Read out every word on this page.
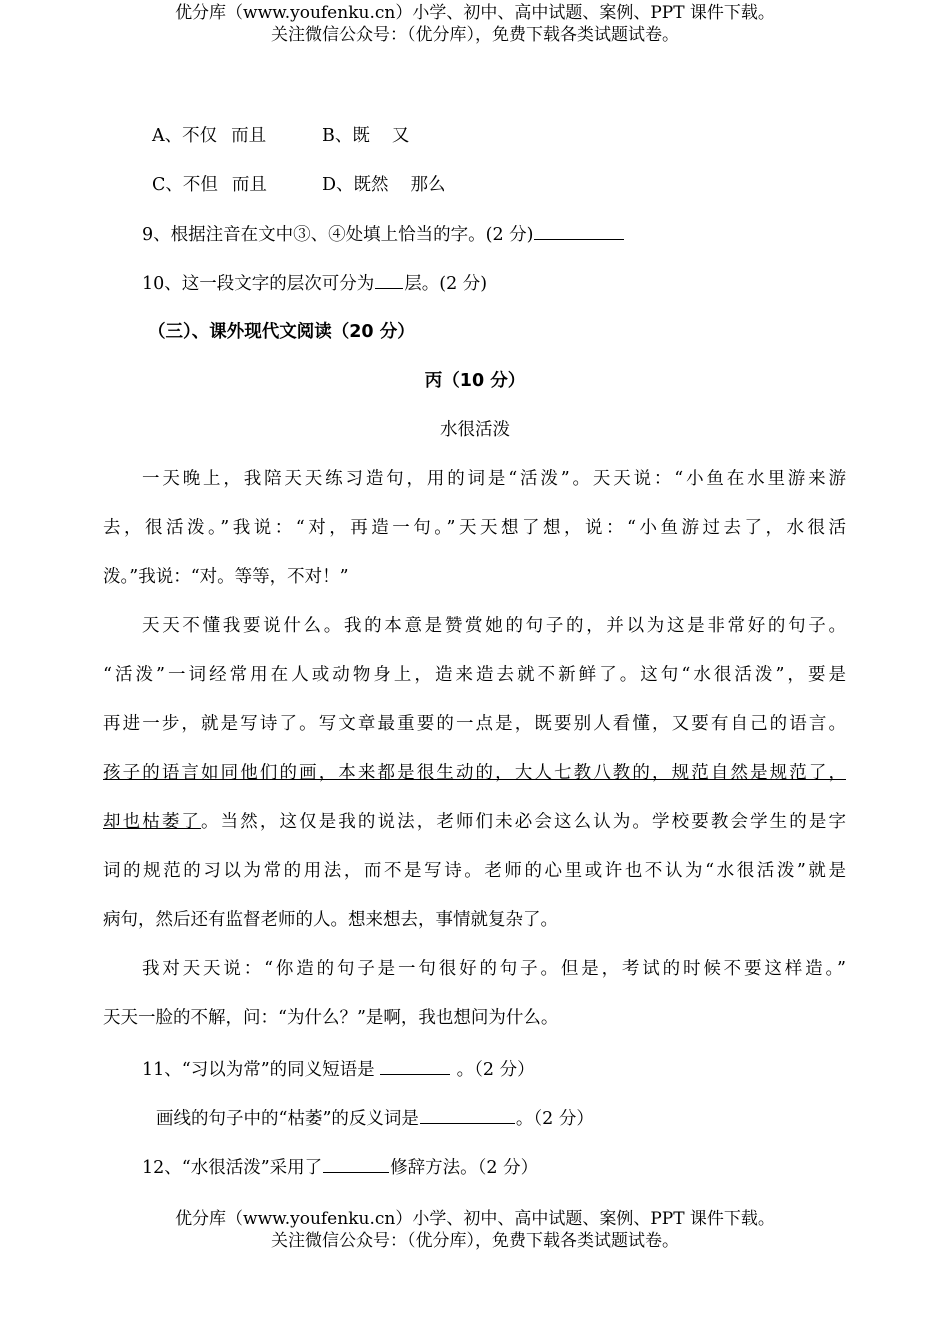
优分库（www.youfenku.cn）小学、初中、高中试题、案例、PPT 课件下载。
关注微信公众号：（优分库），免费下载各类试题试卷。
A、不仅 而且	B、既 又
C、不但 而且	D、既然 那么
9、根据注音在文中③、④处填上恰当的字。(2 分)
10、这一段文字的层次可分为 层。(2 分)
（三）、课外现代文阅读（20 分）
丙（10 分）
水很活泼
一天晚上，我陪天天练习造句，用的词是“活泼”。天天说：“小鱼在水里游来游
去，很活泼。”我说：“对，再造一句。”天天想了想，说：“小鱼游过去了，水很活
泼。”我说：“对。等等，不对！”
天天不懂我要说什么。我的本意是赞赏她的句子的，并以为这是非常好的句子。
“活泼”一词经常用在人或动物身上，造来造去就不新鲜了。这句“水很活泼”，要是
再进一步，就是写诗了。写文章最重要的一点是，既要别人看懂，又要有自己的语言。
孩子的语言如同他们的画，本来都是很生动的，大人七教八教的，规范自然是规范了，
却也枯萎了。当然，这仅是我的说法，老师们未必会这么认为。学校要教会学生的是字
词的规范的习以为常的用法，而不是写诗。老师的心里或许也不认为“水很活泼”就是
病句，然后还有监督老师的人。想来想去，事情就复杂了。
我对天天说：“你造的句子是一句很好的句子。但是，考试的时候不要这样造。”
天天一脸的不解，问：“为什么？”是啊，我也想问为什么。
11、“习以为常”的同义短语是	。（2 分）
画线的句子中的“枯萎”的反义词是	。（2 分）
12、“水很活泼”采用了	修辞方法。（2 分）
优分库（www.youfenku.cn）小学、初中、高中试题、案例、PPT 课件下载。
关注微信公众号：（优分库），免费下载各类试题试卷。
